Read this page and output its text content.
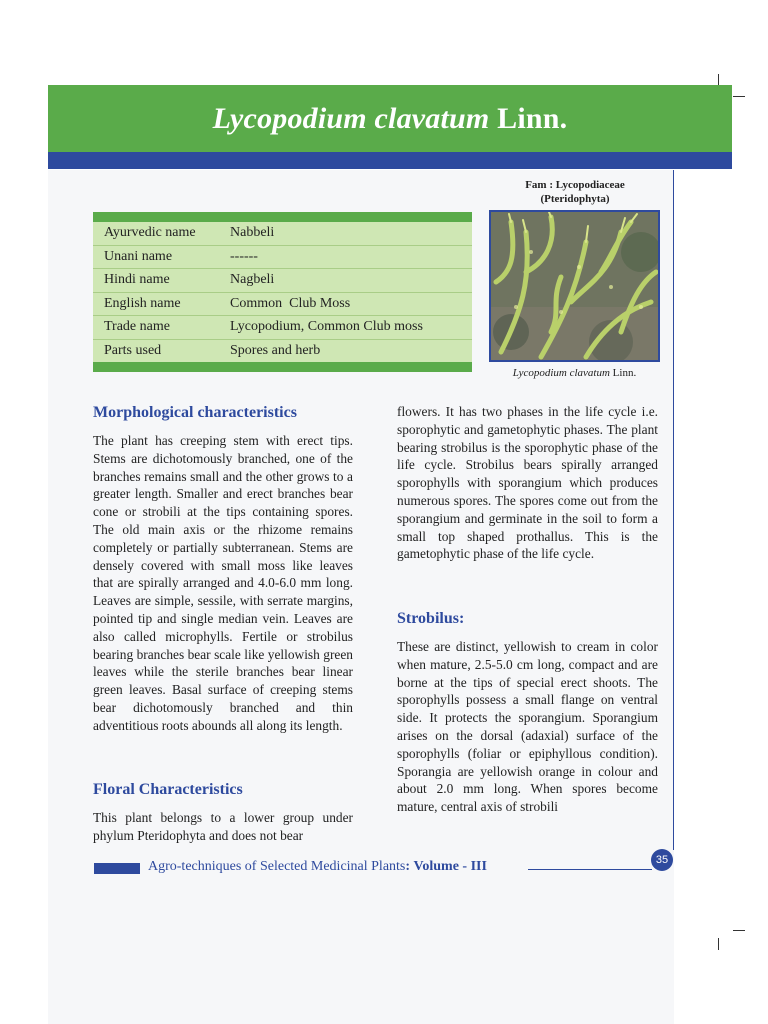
Lycopodium clavatum Linn.
Fam : Lycopodiaceae
(Pteridophyta)
Ayurvedic name	Nabbeli
Unani name	------
Hindi name	Nagbeli
English name	Common  Club Moss
Trade name	Lycopodium, Common Club moss
Parts used	Spores and herb
Lycopodium clavatum Linn.
Morphological characteristics

The plant has creeping stem with erect tips. Stems are dichotomously branched, one of the branches remains small and the other grows to a greater length. Smaller and erect branches bear cone or strobili at the tips containing spores. The old main axis or the rhizome remains completely or partially subterranean. Stems are densely covered with small moss like leaves that are spirally arranged and 4.0-6.0 mm long. Leaves are simple, sessile, with serrate margins, pointed tip and single median vein. Leaves are also called microphylls. Fertile or strobilus bearing branches bear scale like yellowish green leaves while the sterile branches bear linear green leaves. Basal surface of creeping stems bear dichotomously branched and thin adventitious roots abounds all along its length.

Floral Characteristics

This plant belongs to a lower group under phylum Pteridophyta and does not bear

flowers. It has two phases in the life cycle i.e. sporophytic and gametophytic phases. The plant bearing strobilus is the sporophytic phase of the life cycle. Strobilus bears spirally arranged sporophylls with sporangium which produces numerous spores. The spores come out from the sporangium and germinate in the soil to form a small top shaped prothallus. This is the gametophytic phase of the life cycle.

Strobilus:

These are distinct, yellowish to cream in color when mature, 2.5-5.0 cm long, compact and are borne at the tips of special erect shoots. The sporophylls possess a small flange on ventral side. It protects the sporangium. Sporangium arises on the dorsal (adaxial) surface of the sporophylls (foliar or epiphyllous condition). Sporangia are yellowish orange in colour and about 2.0 mm long. When spores become mature, central axis of strobili

Agro-techniques of Selected Medicinal Plants: Volume - III	35
